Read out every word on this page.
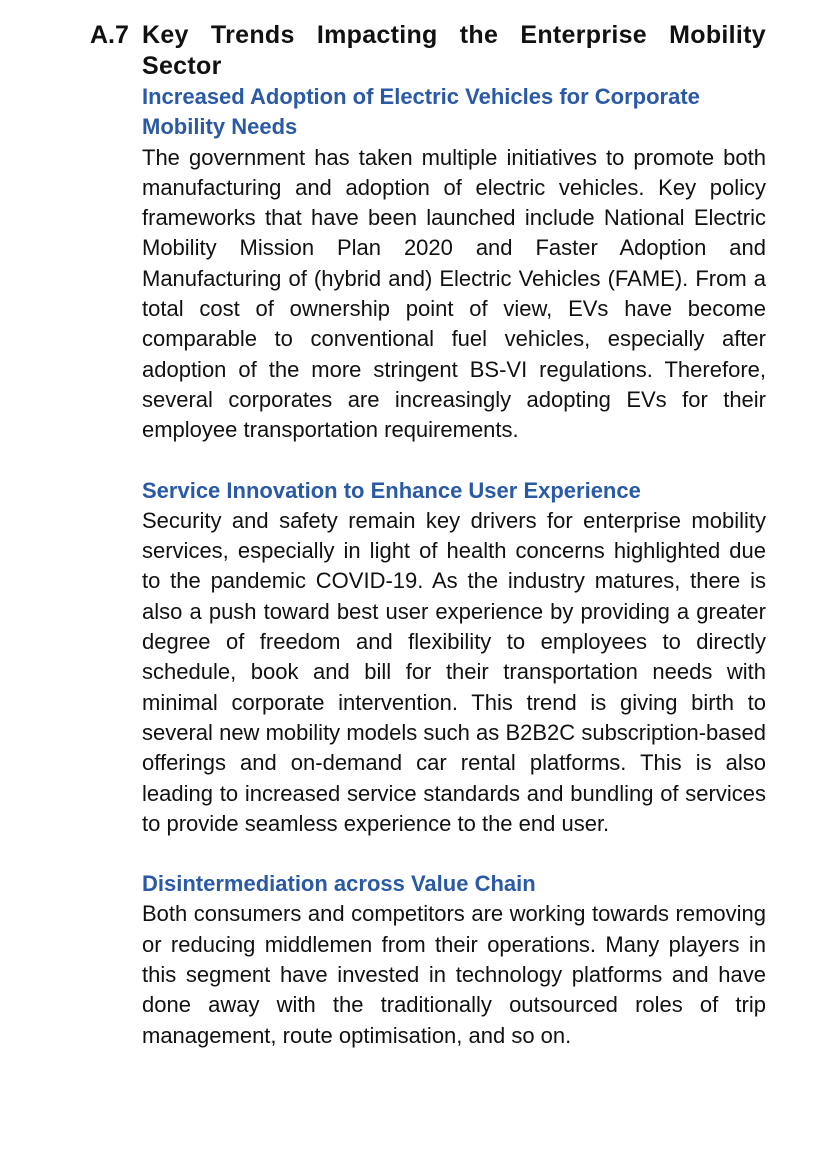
A.7 Key Trends Impacting the Enterprise Mobility Sector
Increased Adoption of Electric Vehicles for Corporate Mobility Needs

The government has taken multiple initiatives to promote both manufacturing and adoption of electric vehicles. Key policy frameworks that have been launched include National Electric Mobility Mission Plan 2020 and Faster Adoption and Manufacturing of (hybrid and) Electric Vehicles (FAME). From a total cost of ownership point of view, EVs have become comparable to conventional fuel vehicles, especially after adoption of the more stringent BS-VI regulations. Therefore, several corporates are increasingly adopting EVs for their employee transportation requirements.

Service Innovation to Enhance User Experience

Security and safety remain key drivers for enterprise mobility services, especially in light of health concerns highlighted due to the pandemic COVID-19. As the industry matures, there is also a push toward best user experience by providing a greater degree of freedom and flexibility to employees to directly schedule, book and bill for their transportation needs with minimal corporate intervention. This trend is giving birth to several new mobility models such as B2B2C subscription-based offerings and on-demand car rental platforms. This is also leading to increased service standards and bundling of services to provide seamless experience to the end user.

Disintermediation across Value Chain

Both consumers and competitors are working towards removing or reducing middlemen from their operations. Many players in this segment have invested in technology platforms and have done away with the traditionally outsourced roles of trip management, route optimisation, and so on.
